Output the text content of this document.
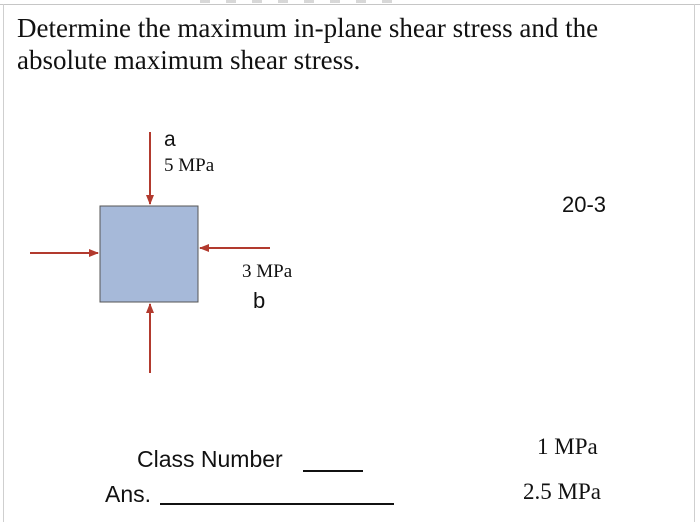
Determine the maximum in-plane shear stress and the absolute maximum shear stress.
a
5 MPa
3 MPa
b
20-3
Class Number
Ans.
1 MPa
2.5 MPa
